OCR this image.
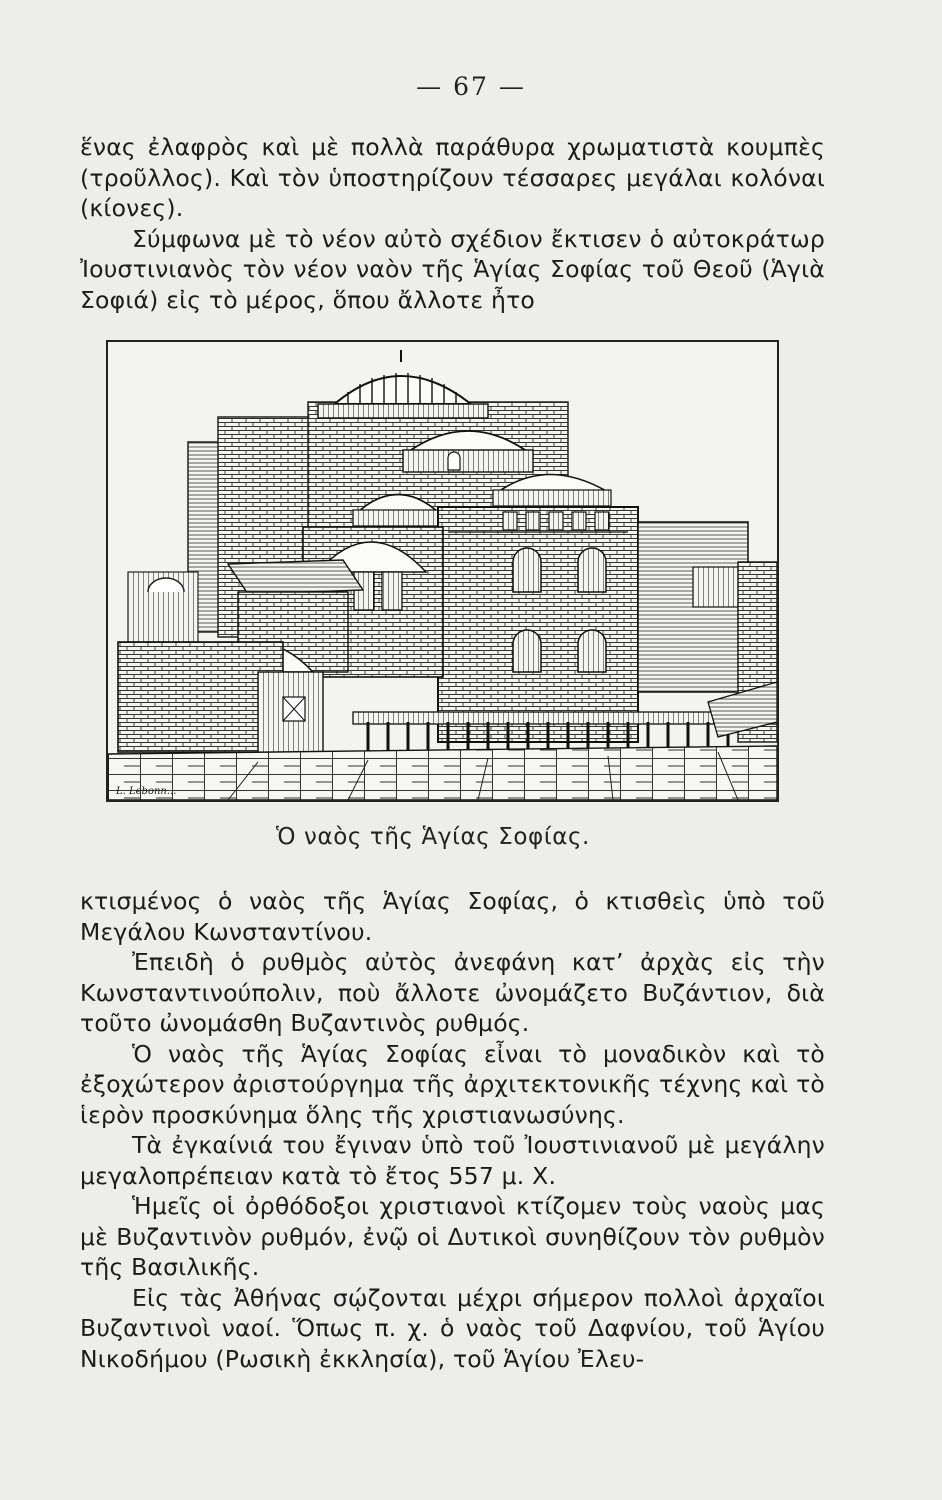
— 67 —

ἕνας ἐλαφρὸς καὶ μὲ πολλὰ παράθυρα χρωματιστὰ κουμπὲς (τροῦλλος). Καὶ τὸν ὑποστηρίζουν τέσσαρες μεγάλαι κολόναι (κίονες).

Σύμφωνα μὲ τὸ νέον αὐτὸ σχέδιον ἔκτισεν ὁ αὐτοκράτωρ Ἰουστινιανὸς τὸν νέον ναὸν τῆς Ἁγίας Σοφίας τοῦ Θεοῦ (Ἁγιὰ Σοφιά) εἰς τὸ μέρος, ὅπου ἄλλοτε ἦτο

L. Lebonn...
Ὁ ναὸς τῆς Ἁγίας Σοφίας.

κτισμένος ὁ ναὸς τῆς Ἁγίας Σοφίας, ὁ κτισθεὶς ὑπὸ τοῦ Μεγάλου Κωνσταντίνου.

Ἐπειδὴ ὁ ρυθμὸς αὐτὸς ἀνεφάνη κατ’ ἀρχὰς εἰς τὴν Κωνσταντινούπολιν, ποὺ ἄλλοτε ὠνομάζετο Βυζάντιον, διὰ τοῦτο ὠνομάσθη Βυζαντινὸς ρυθμός.

Ὁ ναὸς τῆς Ἁγίας Σοφίας εἶναι τὸ μοναδικὸν καὶ τὸ ἐξοχώτερον ἀριστούργημα τῆς ἀρχιτεκτονικῆς τέχνης καὶ τὸ ἱερὸν προσκύνημα ὅλης τῆς χριστιανωσύνης.

Τὰ ἐγκαίνιά του ἔγιναν ὑπὸ τοῦ Ἰουστινιανοῦ μὲ μεγάλην μεγαλοπρέπειαν κατὰ τὸ ἔτος 557 μ. Χ.

Ἡμεῖς οἱ ὀρθόδοξοι χριστιανοὶ κτίζομεν τοὺς ναοὺς μας μὲ Βυζαντινὸν ρυθμόν, ἐνῷ οἱ Δυτικοὶ συνηθίζουν τὸν ρυθμὸν τῆς Βασιλικῆς.

Εἰς τὰς Ἀθήνας σῴζονται μέχρι σήμερον πολλοὶ ἀρχαῖοι Βυζαντινοὶ ναοί. Ὅπως π. χ. ὁ ναὸς τοῦ Δαφνίου, τοῦ Ἁγίου Νικοδήμου (Ρωσικὴ ἐκκλησία), τοῦ Ἁγίου Ἐλευ-
